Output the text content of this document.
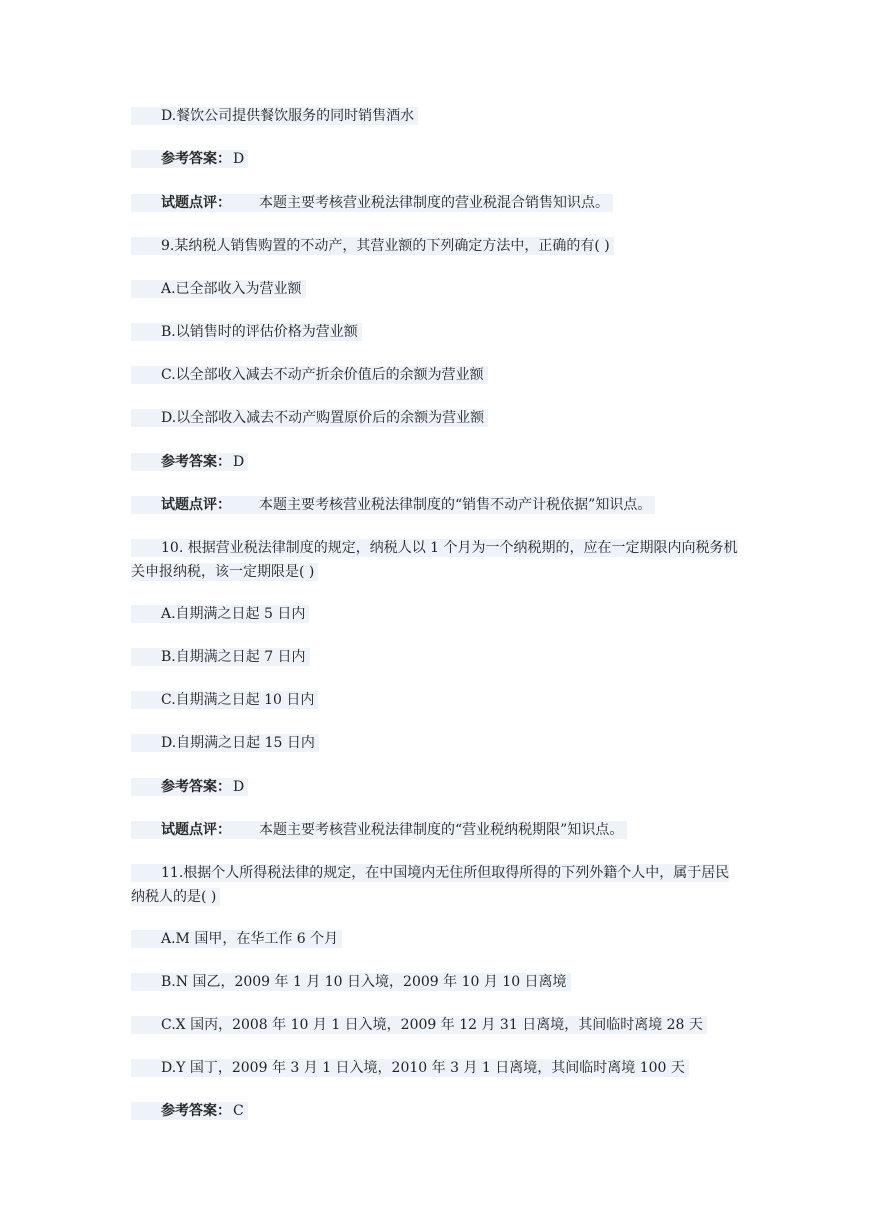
D.餐饮公司提供餐饮服务的同时销售酒水
参考答案： D
试题点评： 本题主要考核营业税法律制度的营业税混合销售知识点。
9.某纳税人销售购置的不动产，其营业额的下列确定方法中，正确的有( )
A.已全部收入为营业额
B.以销售时的评估价格为营业额
C.以全部收入减去不动产折余价值后的余额为营业额
D.以全部收入减去不动产购置原价后的余额为营业额
参考答案： D
试题点评： 本题主要考核营业税法律制度的“销售不动产计税依据”知识点。
10. 根据营业税法律制度的规定，纳税人以 1 个月为一个纳税期的，应在一定期限内向税务机关申报纳税，该一定期限是( )
A.自期满之日起 5 日内
B.自期满之日起 7 日内
C.自期满之日起 10 日内
D.自期满之日起 15 日内
参考答案： D
试题点评： 本题主要考核营业税法律制度的“营业税纳税期限”知识点。
11.根据个人所得税法律的规定，在中国境内无住所但取得所得的下列外籍个人中，属于居民纳税人的是( )
A.M 国甲，在华工作 6 个月
B.N 国乙，2009 年 1 月 10 日入境，2009 年 10 月 10 日离境
C.X 国丙，2008 年 10 月 1 日入境，2009 年 12 月 31 日离境，其间临时离境 28 天
D.Y 国丁，2009 年 3 月 1 日入境，2010 年 3 月 1 日离境，其间临时离境 100 天
参考答案： C
